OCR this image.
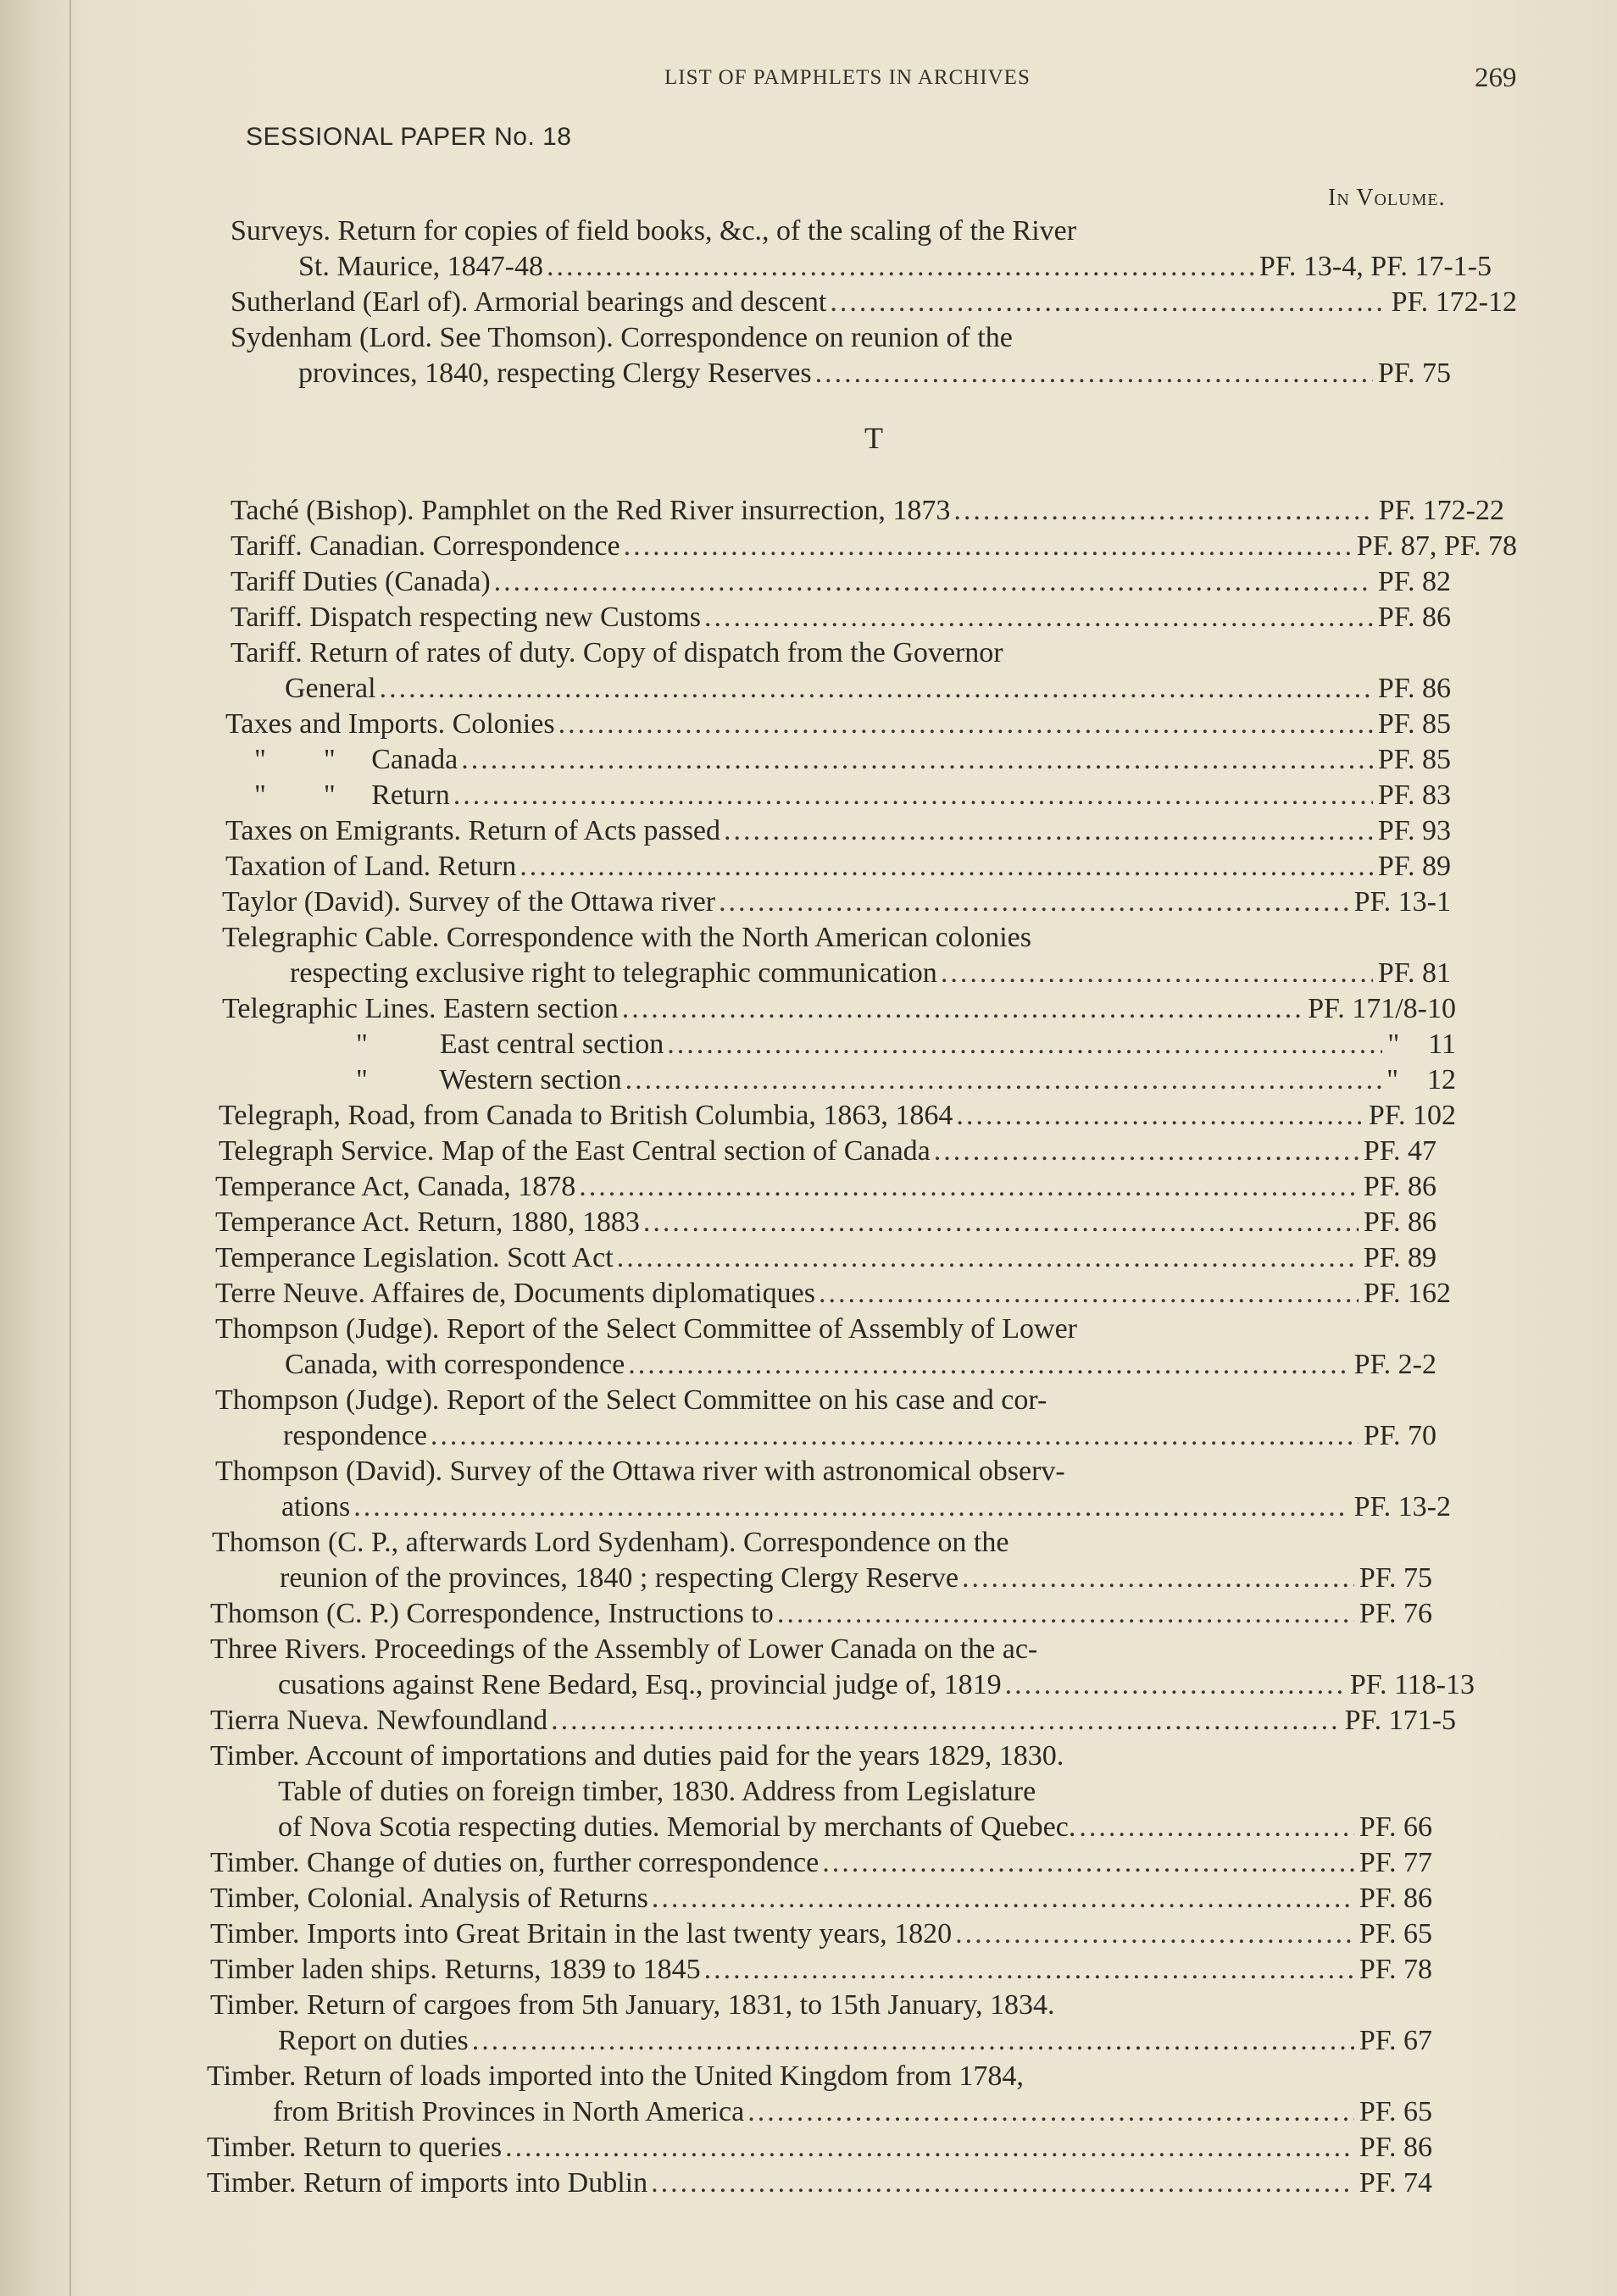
LIST OF PAMPHLETS IN ARCHIVES	269
SESSIONAL PAPER No. 18
In Volume.
T
Surveys. Return for copies of field books, &c., of the scaling of the River
St. Maurice, 1847-48 .....	PF. 13-4, PF. 17-1-5
Sutherland (Earl of). Armorial bearings and descent .....	PF. 172-12
Sydenham (Lord. See Thomson). Correspondence on reunion of the
provinces, 1840, respecting Clergy Reserves .....	PF. 75
Taché (Bishop). Pamphlet on the Red River insurrection, 1873 .....	PF. 172-22
Tariff. Canadian. Correspondence .....	PF. 87, PF. 78
Tariff Duties (Canada) .....	PF. 82
Tariff. Dispatch respecting new Customs .....	PF. 86
Tariff. Return of rates of duty. Copy of dispatch from the Governor
General .....	PF. 86
Taxes and Imports. Colonies .....	PF. 85
"        "     Canada .....	PF. 85
"        "     Return .....	PF. 83
Taxes on Emigrants. Return of Acts passed .....	PF. 93
Taxation of Land. Return .....	PF. 89
Taylor (David). Survey of the Ottawa river .....	PF. 13-1
Telegraphic Cable. Correspondence with the North American colonies
respecting exclusive right to telegraphic communication .....	PF. 81
Telegraphic Lines. Eastern section .....	PF. 171/8-10
"          East central section .....	"    11
"          Western section .....	"    12
Telegraph, Road, from Canada to British Columbia, 1863, 1864 .....	PF. 102
Telegraph Service. Map of the East Central section of Canada .....	PF. 47
Temperance Act, Canada, 1878 .....	PF. 86
Temperance Act. Return, 1880, 1883 .....	PF. 86
Temperance Legislation. Scott Act .....	PF. 89
Terre Neuve. Affaires de, Documents diplomatiques .....	PF. 162
Thompson (Judge). Report of the Select Committee of Assembly of Lower
Canada, with correspondence .....	PF. 2-2
Thompson (Judge). Report of the Select Committee on his case and cor-
respondence .....	PF. 70
Thompson (David). Survey of the Ottawa river with astronomical observ-
ations .....	PF. 13-2
Thomson (C. P., afterwards Lord Sydenham). Correspondence on the
reunion of the provinces, 1840 ; respecting Clergy Reserve .....	PF. 75
Thomson (C. P.) Correspondence, Instructions to .....	PF. 76
Three Rivers. Proceedings of the Assembly of Lower Canada on the ac-
cusations against Rene Bedard, Esq., provincial judge of, 1819 .....	PF. 118-13
Tierra Nueva. Newfoundland .....	PF. 171-5
Timber. Account of importations and duties paid for the years 1829, 1830.
Table of duties on foreign timber, 1830. Address from Legislature
of Nova Scotia respecting duties. Memorial by merchants of Quebec. .....	PF. 66
Timber. Change of duties on, further correspondence .....	PF. 77
Timber, Colonial. Analysis of Returns .....	PF. 86
Timber. Imports into Great Britain in the last twenty years, 1820 .....	PF. 65
Timber laden ships. Returns, 1839 to 1845 .....	PF. 78
Timber. Return of cargoes from 5th January, 1831, to 15th January, 1834.
Report on duties .....	PF. 67
Timber. Return of loads imported into the United Kingdom from 1784,
from British Provinces in North America .....	PF. 65
Timber. Return to queries .....	PF. 86
Timber. Return of imports into Dublin .....	PF. 74
